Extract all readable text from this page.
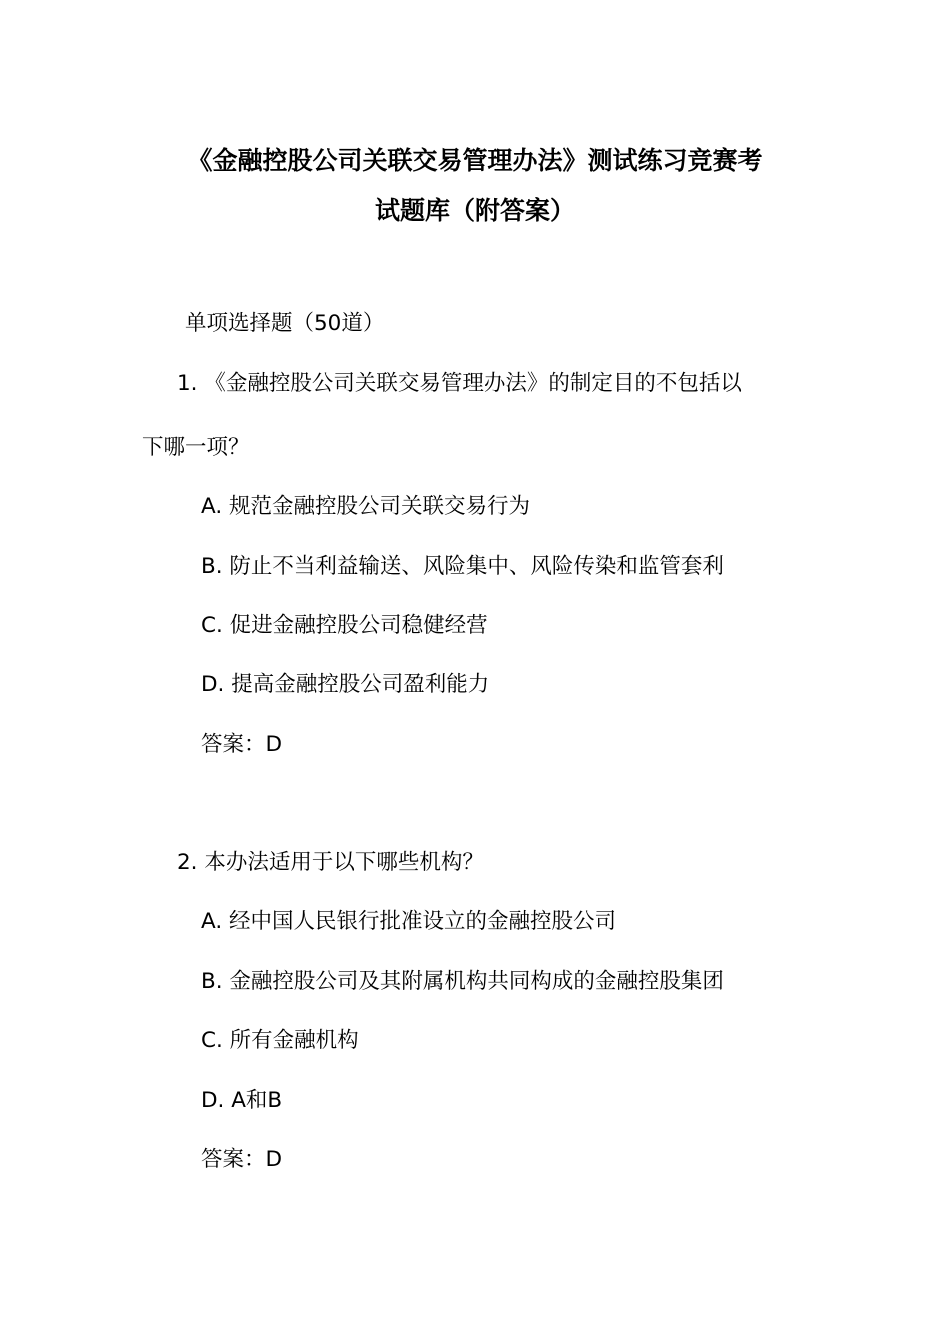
《金融控股公司关联交易管理办法》测试练习竞赛考
试题库（附答案）
单项选择题（50道）
1. 《金融控股公司关联交易管理办法》的制定目的不包括以
下哪一项？
A. 规范金融控股公司关联交易行为
B. 防止不当利益输送、风险集中、风险传染和监管套利
C. 促进金融控股公司稳健经营
D. 提高金融控股公司盈利能力
答案：D
2. 本办法适用于以下哪些机构？
A. 经中国人民银行批准设立的金融控股公司
B. 金融控股公司及其附属机构共同构成的金融控股集团
C. 所有金融机构
D. A和B
答案：D
